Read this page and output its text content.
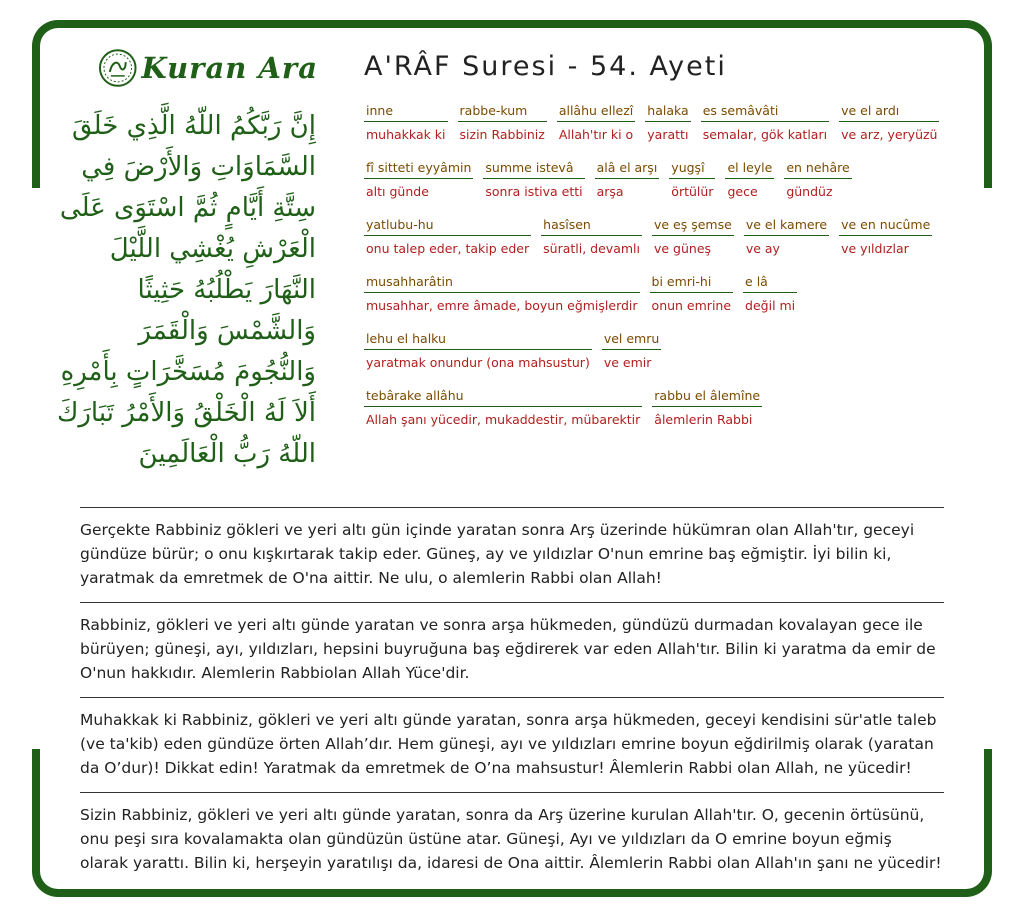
Kuran Ara
إِنَّ رَبَّكُمُ اللّهُ الَّذِي خَلَقَ
السَّمَاوَاتِ وَالأَرْضَ فِي
سِتَّةِ أَيَّامٍ ثُمَّ اسْتَوَى عَلَى
الْعَرْشِ يُغْشِي اللَّيْلَ
النَّهَارَ يَطْلُبُهُ حَثِيثًا
وَالشَّمْسَ وَالْقَمَرَ
وَالنُّجُومَ مُسَخَّرَاتٍ بِأَمْرِهِ
أَلاَ لَهُ الْخَلْقُ وَالأَمْرُ تَبَارَكَ
اللّهُ رَبُّ الْعَالَمِينَ
A'RÂF Suresi - 54. Ayeti
inne
muhakkak ki
rabbe-kum
sizin Rabbiniz
allâhu ellezî
Allah'tır ki o
halaka
yarattı
es semâvâti
semalar, gök katları
ve el ardı
ve arz, yeryüzü
fî sitteti eyyâmin
altı günde
summe istevâ
sonra istiva etti
alâ el arşı
arşa
yugşî
örtülür
el leyle
gece
en nehâre
gündüz
yatlubu-hu
onu talep eder, takip eder
hasîsen
süratli, devamlı
ve eş şemse
ve güneş
ve el kamere
ve ay
ve en nucûme
ve yıldızlar
musahharâtin
musahhar, emre âmade, boyun eğmişlerdir
bi emri-hi
onun emrine
e lâ
değil mi
lehu el halku
yaratmak onundur (ona mahsustur)
vel emru
ve emir
tebârake allâhu
Allah şanı yücedir, mukaddestir, mübarektir
rabbu el âlemîne
âlemlerin Rabbi
Gerçekte Rabbiniz gökleri ve yeri altı gün içinde yaratan sonra Arş üzerinde hükümran olan Allah'tır, geceyi gündüze bürür; o onu kışkırtarak takip eder. Güneş, ay ve yıldızlar O'nun emrine baş eğmiştir. İyi bilin ki, yaratmak da emretmek de O'na aittir. Ne ulu, o alemlerin Rabbi olan Allah!
Rabbiniz, gökleri ve yeri altı günde yaratan ve sonra arşa hükmeden, gündüzü durmadan kovalayan gece ile bürüyen; güneşi, ayı, yıldızları, hepsini buyruğuna baş eğdirerek var eden Allah'tır. Bilin ki yaratma da emir de O'nun hakkıdır. Alemlerin Rabbiolan Allah Yüce'dir.
Muhakkak ki Rabbiniz, gökleri ve yeri altı günde yaratan, sonra arşa hükmeden, geceyi kendisini sür'atle taleb (ve ta'kib) eden gündüze örten Allah’dır. Hem güneşi, ayı ve yıldızları emrine boyun eğdirilmiş olarak (yaratan da O’dur)! Dikkat edin! Yaratmak da emretmek de O’na mahsustur! Âlemlerin Rabbi olan Allah, ne yücedir!
Sizin Rabbiniz, gökleri ve yeri altı günde yaratan, sonra da Arş üzerine kurulan Allah'tır. O, gecenin örtüsünü, onu peşi sıra kovalamakta olan gündüzün üstüne atar. Güneşi, Ayı ve yıldızları da O emrine boyun eğmiş olarak yarattı. Bilin ki, herşeyin yaratılışı da, idaresi de Ona aittir. Âlemlerin Rabbi olan Allah'ın şanı ne yücedir!
